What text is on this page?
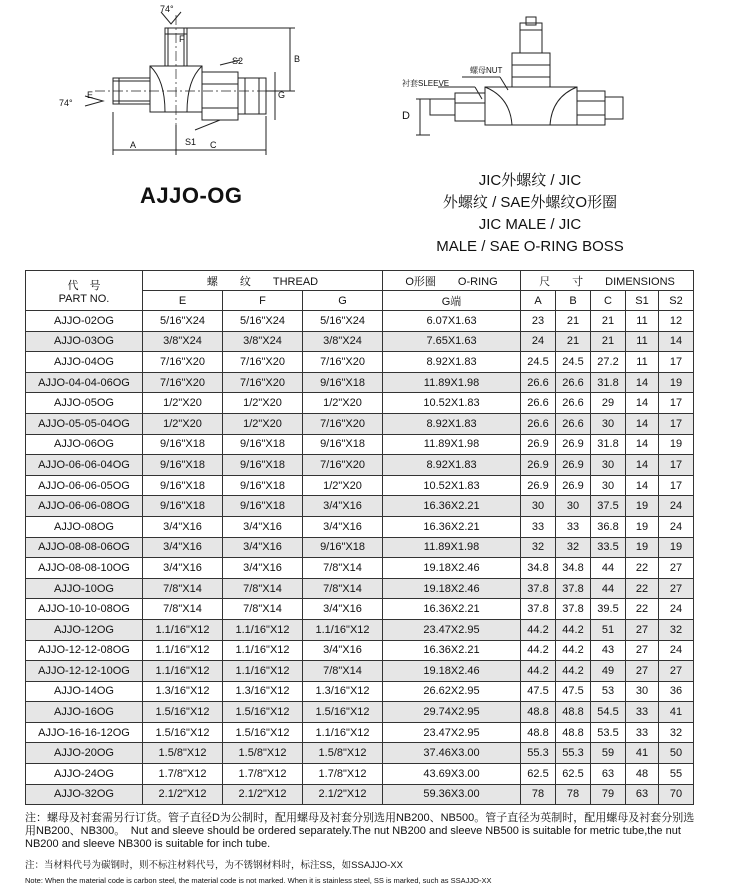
74°
74°
F
E	G
S2
S1
A	C
B
螺母NUT
衬套SLEEVE
D
AJJO-OG
JIC外螺纹 / JIC
外螺纹 / SAE外螺纹O形圈
JIC MALE / JIC
MALE / SAE O-RING BOSS
代　号
PART NO.	螺　　纹　　THREAD			O形圈　　O-RING	尺　　寸　　DIMENSIONS				
	E	F	G	G端	A	B	C	S1	S2
AJJO-02OG	5/16"X24	5/16"X24	5/16"X24	6.07X1.63	23	21	21	11	12
AJJO-03OG	3/8"X24	3/8"X24	3/8"X24	7.65X1.63	24	21	21	11	14
AJJO-04OG	7/16"X20	7/16"X20	7/16"X20	8.92X1.83	24.5	24.5	27.2	11	17
AJJO-04-04-06OG	7/16"X20	7/16"X20	9/16"X18	11.89X1.98	26.6	26.6	31.8	14	19
AJJO-05OG	1/2"X20	1/2"X20	1/2"X20	10.52X1.83	26.6	26.6	29	14	17
AJJO-05-05-04OG	1/2"X20	1/2"X20	7/16"X20	8.92X1.83	26.6	26.6	30	14	17
AJJO-06OG	9/16"X18	9/16"X18	9/16"X18	11.89X1.98	26.9	26.9	31.8	14	19
AJJO-06-06-04OG	9/16"X18	9/16"X18	7/16"X20	8.92X1.83	26.9	26.9	30	14	17
AJJO-06-06-05OG	9/16"X18	9/16"X18	1/2"X20	10.52X1.83	26.9	26.9	30	14	17
AJJO-06-06-08OG	9/16"X18	9/16"X18	3/4"X16	16.36X2.21	30	30	37.5	19	24
AJJO-08OG	3/4"X16	3/4"X16	3/4"X16	16.36X2.21	33	33	36.8	19	24
AJJO-08-08-06OG	3/4"X16	3/4"X16	9/16"X18	11.89X1.98	32	32	33.5	19	19
AJJO-08-08-10OG	3/4"X16	3/4"X16	7/8"X14	19.18X2.46	34.8	34.8	44	22	27
AJJO-10OG	7/8"X14	7/8"X14	7/8"X14	19.18X2.46	37.8	37.8	44	22	27
AJJO-10-10-08OG	7/8"X14	7/8"X14	3/4"X16	16.36X2.21	37.8	37.8	39.5	22	24
AJJO-12OG	1.1/16"X12	1.1/16"X12	1.1/16"X12	23.47X2.95	44.2	44.2	51	27	32
AJJO-12-12-08OG	1.1/16"X12	1.1/16"X12	3/4"X16	16.36X2.21	44.2	44.2	43	27	24
AJJO-12-12-10OG	1.1/16"X12	1.1/16"X12	7/8"X14	19.18X2.46	44.2	44.2	49	27	27
AJJO-14OG	1.3/16"X12	1.3/16"X12	1.3/16"X12	26.62X2.95	47.5	47.5	53	30	36
AJJO-16OG	1.5/16"X12	1.5/16"X12	1.5/16"X12	29.74X2.95	48.8	48.8	54.5	33	41
AJJO-16-16-12OG	1.5/16"X12	1.5/16"X12	1.1/16"X12	23.47X2.95	48.8	48.8	53.5	33	32
AJJO-20OG	1.5/8"X12	1.5/8"X12	1.5/8"X12	37.46X3.00	55.3	55.3	59	41	50
AJJO-24OG	1.7/8"X12	1.7/8"X12	1.7/8"X12	43.69X3.00	62.5	62.5	63	48	55
AJJO-32OG	2.1/2"X12	2.1/2"X12	2.1/2"X12	59.36X3.00	78	78	79	63	70
注：螺母及衬套需另行订货。管子直径D为公制时，配用螺母及衬套分别选用NB200、NB500。管子直径为英制时，配用螺母及衬套分别选用NB200、NB300。　Nut and sleeve should be ordered separately.The nut NB200 and sleeve NB500 is suitable for metric tube,the nut NB200 and sleeve NB300 is suitable for inch tube.
注：当材料代号为碳钢时，则不标注材料代号，为不锈钢材料时，标注SS，如SSAJJO-XX
Note: When the material code is carbon steel, the material code is not marked. When it is stainless steel, SS is marked, such as SSAJJO-XX
